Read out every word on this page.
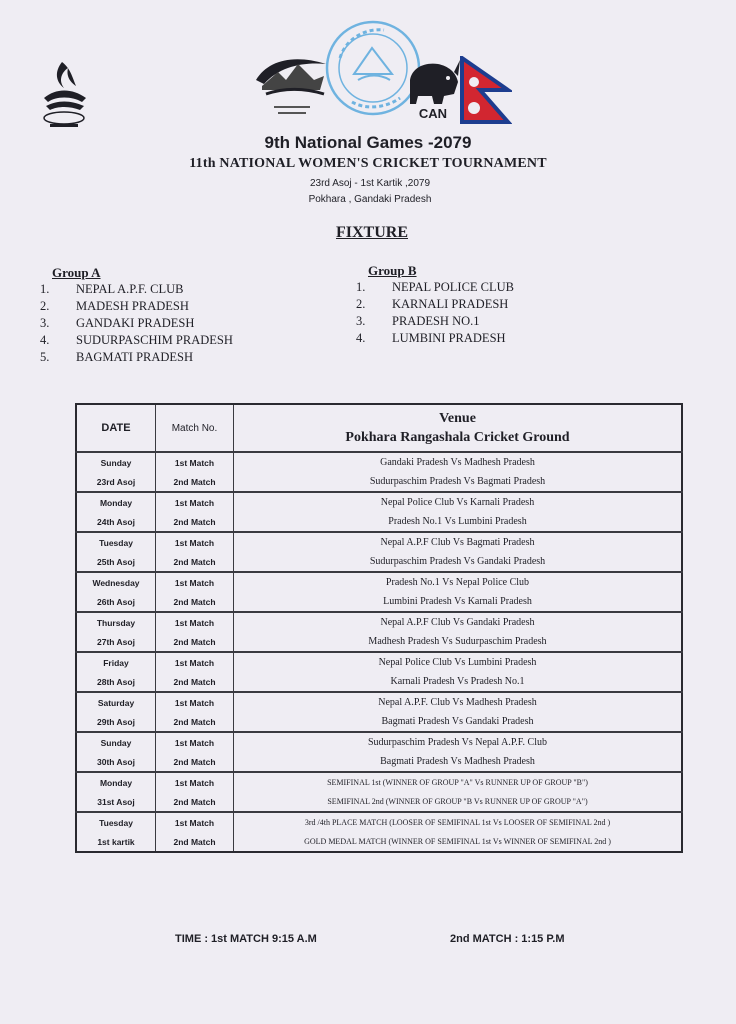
CAN
9th National Games -2079
11th NATIONAL WOMEN'S CRICKET TOURNAMENT
23rd Asoj - 1st Kartik ,2079
Pokhara , Gandaki Pradesh
FIXTURE
Group A
1.	NEPAL A.P.F. CLUB
2.	MADESH PRADESH
3.	GANDAKI PRADESH
4.	SUDURPASCHIM PRADESH
5.	BAGMATI PRADESH
Group B
1.	NEPAL POLICE CLUB
2.	KARNALI PRADESH
3.	PRADESH NO.1
4.	LUMBINI PRADESH
DATE	Match No.	Venue
Pokhara Rangashala Cricket Ground

Sunday	1st Match	Gandaki Pradesh Vs Madhesh Pradesh
23rd Asoj	2nd Match	Sudurpaschim Pradesh Vs Bagmati Pradesh
Monday	1st Match	Nepal Police Club Vs Karnali Pradesh
24th Asoj	2nd Match	Pradesh No.1 Vs Lumbini Pradesh
Tuesday	1st Match	Nepal A.P.F Club Vs Bagmati Pradesh
25th Asoj	2nd Match	Sudurpaschim Pradesh Vs Gandaki Pradesh
Wednesday	1st Match	Pradesh No.1 Vs Nepal Police Club
26th Asoj	2nd Match	Lumbini Pradesh Vs Karnali Pradesh
Thursday	1st Match	Nepal A.P.F Club Vs Gandaki Pradesh
27th Asoj	2nd Match	Madhesh Pradesh Vs Sudurpaschim Pradesh
Friday	1st Match	Nepal Police Club Vs Lumbini Pradesh
28th Asoj	2nd Match	Karnali Pradesh Vs Pradesh No.1
Saturday	1st Match	Nepal A.P.F. Club Vs Madhesh Pradesh
29th Asoj	2nd Match	Bagmati Pradesh Vs Gandaki Pradesh
Sunday	1st Match	Sudurpaschim Pradesh Vs Nepal A.P.F. Club
30th Asoj	2nd Match	Bagmati Pradesh Vs Madhesh Pradesh
Monday	1st Match	SEMIFINAL 1st (WINNER OF GROUP "A" Vs RUNNER UP OF GROUP "B")
31st Asoj	2nd Match	SEMIFINAL 2nd (WINNER OF GROUP "B Vs RUNNER UP OF GROUP "A")
Tuesday	1st Match	3rd /4th PLACE MATCH (LOOSER OF SEMIFINAL 1st Vs LOOSER OF SEMIFINAL 2nd )
1st kartik	2nd Match	GOLD MEDAL MATCH (WINNER OF SEMIFINAL 1st Vs WINNER OF SEMIFINAL 2nd )
TIME : 1st MATCH 9:15 A.M	2nd MATCH : 1:15 P.M
